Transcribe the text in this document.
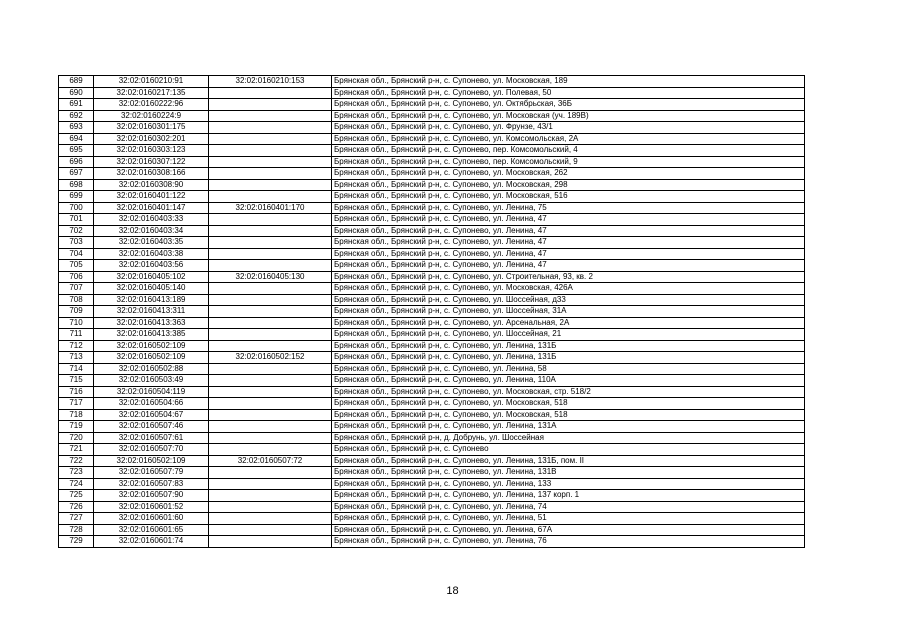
689	32:02:0160210:91	32:02:0160210:153	Брянская обл., Брянский р-н, с. Супонево, ул. Московская, 189
690	32:02:0160217:135		Брянская обл., Брянский р-н, с. Супонево, ул. Полевая, 50
691	32:02:0160222:96		Брянская обл., Брянский р-н, с. Супонево, ул. Октябрьская, 36Б
692	32:02:0160224:9		Брянская обл., Брянский р-н, с. Супонево, ул. Московская (уч. 189В)
693	32:02:0160301:175		Брянская обл., Брянский р-н, с. Супонево, ул. Фрунзе, 43/1
694	32:02:0160302:201		Брянская обл., Брянский р-н, с. Супонево, ул. Комсомольская, 2А
695	32:02:0160303:123		Брянская обл., Брянский р-н, с. Супонево, пер. Комсомольский, 4
696	32:02:0160307:122		Брянская обл., Брянский р-н, с. Супонево, пер. Комсомольский, 9
697	32:02:0160308:166		Брянская обл., Брянский р-н, с. Супонево, ул. Московская, 262
698	32:02:0160308:90		Брянская обл., Брянский р-н, с. Супонево, ул. Московская, 298
699	32:02:0160401:122		Брянская обл., Брянский р-н, с. Супонево, ул. Московская, 516
700	32:02:0160401:147	32:02:0160401:170	Брянская обл., Брянский р-н, с. Супонево, ул. Ленина, 75
701	32:02:0160403:33		Брянская обл., Брянский р-н, с. Супонево, ул. Ленина, 47
702	32:02:0160403:34		Брянская обл., Брянский р-н, с. Супонево, ул. Ленина, 47
703	32:02:0160403:35		Брянская обл., Брянский р-н, с. Супонево, ул. Ленина, 47
704	32:02:0160403:38		Брянская обл., Брянский р-н, с. Супонево, ул. Ленина, 47
705	32:02:0160403:56		Брянская обл., Брянский р-н, с. Супонево, ул. Ленина, 47
706	32:02:0160405:102	32:02:0160405:130	Брянская обл., Брянский р-н, с. Супонево, ул. Строительная, 93, кв. 2
707	32:02:0160405:140		Брянская обл., Брянский р-н, с. Супонево, ул. Московская, 426А
708	32:02:0160413:189		Брянская обл., Брянский р-н, с. Супонево, ул. Шоссейная, д33
709	32:02:0160413:311		Брянская обл., Брянский р-н, с. Супонево, ул. Шоссейная, 31А
710	32:02:0160413:363		Брянская обл., Брянский р-н, с. Супонево, ул. Арсенальная, 2А
711	32:02:0160413:385		Брянская обл., Брянский р-н, с. Супонево, ул. Шоссейная, 21
712	32:02:0160502:109		Брянская обл., Брянский р-н, с. Супонево, ул. Ленина, 131Б
713	32:02:0160502:109	32:02:0160502:152	Брянская обл., Брянский р-н, с. Супонево, ул. Ленина, 131Б
714	32:02:0160502:88		Брянская обл., Брянский р-н, с. Супонево, ул. Ленина, 58
715	32:02:0160503:49		Брянская обл., Брянский р-н, с. Супонево, ул. Ленина, 110А
716	32:02:0160504:119		Брянская обл., Брянский р-н, с. Супонево, ул. Московская, стр. 518/2
717	32:02:0160504:66		Брянская обл., Брянский р-н, с. Супонево, ул. Московская, 518
718	32:02:0160504:67		Брянская обл., Брянский р-н, с. Супонево, ул. Московская, 518
719	32:02:0160507:46		Брянская обл., Брянский р-н, с. Супонево, ул. Ленина, 131А
720	32:02:0160507:61		Брянская обл., Брянский р-н, д. Добрунь, ул. Шоссейная
721	32:02:0160507:70		Брянская обл., Брянский р-н, с. Супонево
722	32:02:0160502:109	32:02:0160507:72	Брянская обл., Брянский р-н, с. Супонево, ул. Ленина, 131Б, пом. II
723	32:02:0160507:79		Брянская обл., Брянский р-н, с. Супонево, ул. Ленина, 131В
724	32:02:0160507:83		Брянская обл., Брянский р-н, с. Супонево, ул. Ленина, 133
725	32:02:0160507:90		Брянская обл., Брянский р-н, с. Супонево, ул. Ленина, 137 корп. 1
726	32:02:0160601:52		Брянская обл., Брянский р-н, с. Супонево, ул. Ленина, 74
727	32:02:0160601:60		Брянская обл., Брянский р-н, с. Супонево, ул. Ленина, 51
728	32:02:0160601:65		Брянская обл., Брянский р-н, с. Супонево, ул. Ленина, 67А
729	32:02:0160601:74		Брянская обл., Брянский р-н, с. Супонево, ул. Ленина, 76
18
